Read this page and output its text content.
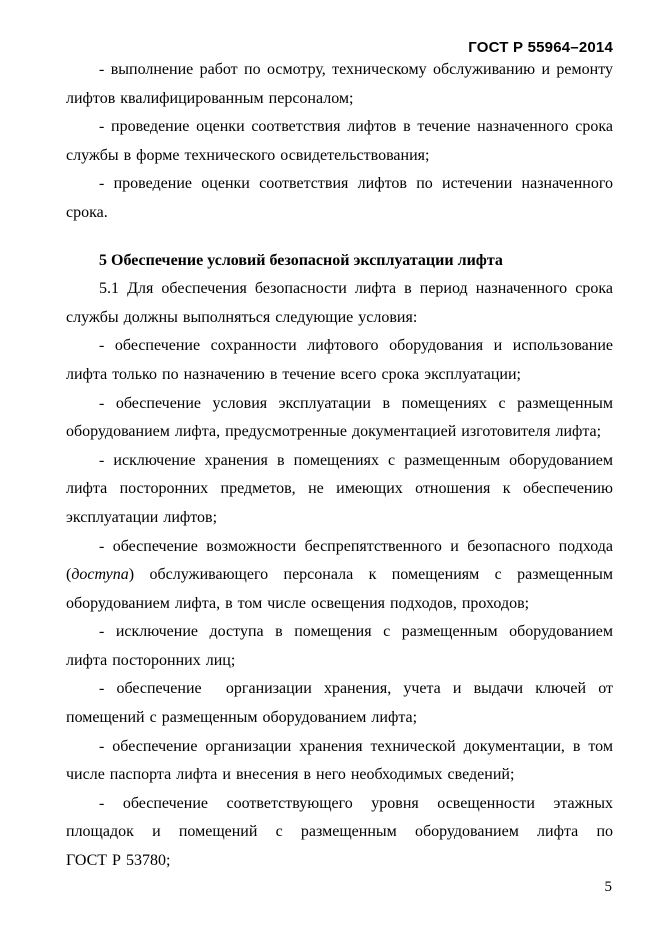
ГОСТ Р 55964–2014

- выполнение работ по осмотру, техническому обслуживанию и ремонту лифтов квалифицированным персоналом;

- проведение оценки соответствия лифтов в течение назначенного срока службы в форме технического освидетельствования;

- проведение оценки соответствия лифтов по истечении назначенного срока.

5 Обеспечение условий безопасной эксплуатации лифта

5.1 Для обеспечения безопасности лифта в период назначенного срока службы должны выполняться следующие условия:

- обеспечение сохранности лифтового оборудования и использование лифта только по назначению в течение всего срока эксплуатации;

- обеспечение условия эксплуатации в помещениях с размещенным оборудованием лифта, предусмотренные документацией изготовителя лифта;

- исключение хранения в помещениях с размещенным оборудованием лифта посторонних предметов, не имеющих отношения к обеспечению эксплуатации лифтов;

- обеспечение возможности беспрепятственного и безопасного подхода (доступа) обслуживающего персонала к помещениям с размещенным оборудованием лифта, в том числе освещения подходов, проходов;

- исключение доступа в помещения с размещенным оборудованием лифта посторонних лиц;

- обеспечение  организации хранения, учета и выдачи ключей от помещений с размещенным оборудованием лифта;

- обеспечение организации хранения технической документации, в том числе паспорта лифта и внесения в него необходимых сведений;

- обеспечение соответствующего уровня освещенности этажных площадок и помещений с размещенным оборудованием лифта по ГОСТ Р 53780;

5
